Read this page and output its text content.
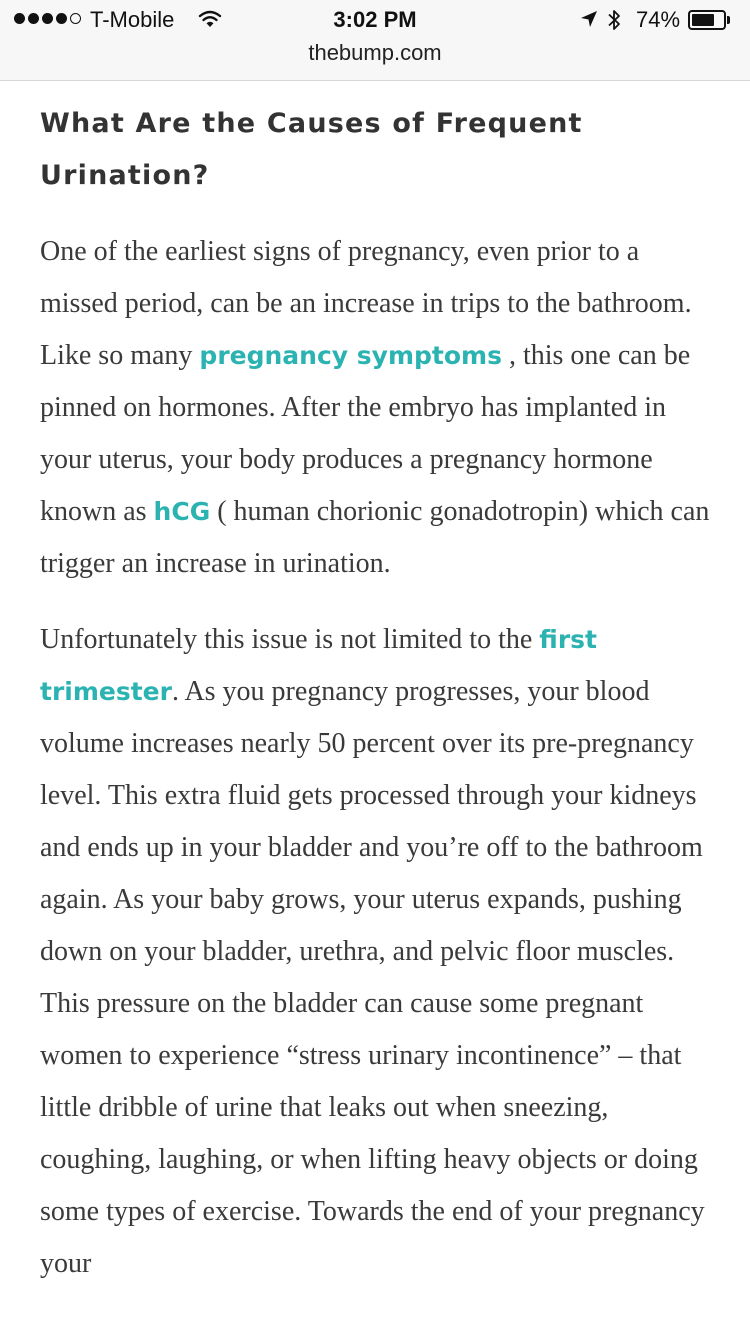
T-Mobile	3:02 PM	74%
thebump.com
What Are the Causes of Frequent Urination?

One of the earliest signs of pregnancy, even prior to a missed period, can be an increase in trips to the bathroom. Like so many pregnancy symptoms , this one can be pinned on hormones. After the embryo has implanted in your uterus, your body produces a pregnancy hormone known as hCG ( human chorionic gonadotropin) which can trigger an increase in urination.

Unfortunately this issue is not limited to the first trimester. As you pregnancy progresses, your blood volume increases nearly 50 percent over its pre-pregnancy level. This extra fluid gets processed through your kidneys and ends up in your bladder and you’re off to the bathroom again. As your baby grows, your uterus expands, pushing down on your bladder, urethra, and pelvic floor muscles. This pressure on the bladder can cause some pregnant women to experience “stress urinary incontinence” – that little dribble of urine that leaks out when sneezing, coughing, laughing, or when lifting heavy objects or doing some types of exercise. Towards the end of your pregnancy your
